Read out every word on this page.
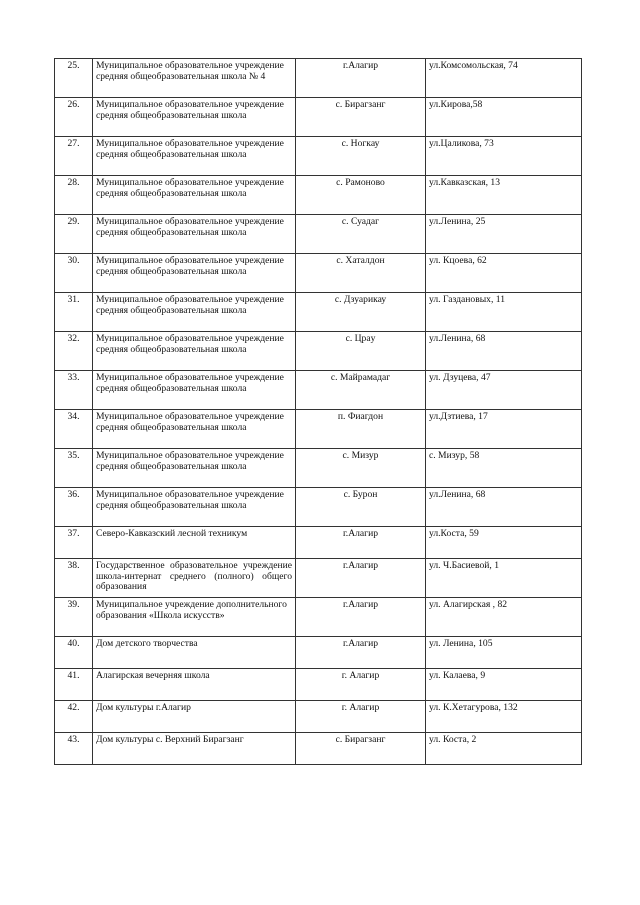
25.	Муниципальное образовательное учреждение средняя общеобразовательная школа № 4	г.Алагир	ул.Комсомольская, 74
26.	Муниципальное образовательное учреждение средняя общеобразовательная школа	с. Бирагзанг	ул.Кирова,58
27.	Муниципальное образовательное учреждение средняя общеобразовательная школа	с. Ногкау	ул.Цаликова, 73
28.	Муниципальное образовательное учреждение средняя общеобразовательная школа	с. Рамоново	ул.Кавказская, 13
29.	Муниципальное образовательное учреждение средняя общеобразовательная школа	с. Суадаг	ул.Ленина, 25
30.	Муниципальное образовательное учреждение средняя общеобразовательная школа	с. Хаталдон	ул. Кцоева, 62
31.	Муниципальное образовательное учреждение средняя общеобразовательная школа	с. Дзуарикау	ул. Газдановых, 11
32.	Муниципальное образовательное учреждение средняя общеобразовательная школа	с. Цраy	ул.Ленина, 68
33.	Муниципальное образовательное учреждение средняя общеобразовательная школа	с. Майрамадаг	ул. Дзуцева, 47
34.	Муниципальное образовательное учреждение средняя общеобразовательная школа	п. Фиагдон	ул.Дзтиева, 17
35.	Муниципальное образовательное учреждение средняя общеобразовательная школа	с. Мизур	с. Мизур, 58
36.	Муниципальное образовательное учреждение средняя общеобразовательная школа	с. Бурон	ул.Ленина, 68
37.	Северо-Кавказский лесной техникум	г.Алагир	ул.Коста, 59
38.	Государственное образовательное учреждение школа-интернат среднего (полного) общего образования	г.Алагир	ул. Ч.Басиевой, 1
39.	Муниципальное учреждение дополнительного образования «Школа искусств»	г.Алагир	ул. Алагирская , 82
40.	Дом детского творчества	г.Алагир	ул. Ленина, 105
41.	Алагирская вечерняя школа	г. Алагир	ул. Калаева, 9
42.	Дом культуры г.Алагир	г. Алагир	ул. К.Хетагурова, 132
43.	Дом культуры с. Верхний Бирагзанг	с. Бирагзанг	ул. Коста, 2
